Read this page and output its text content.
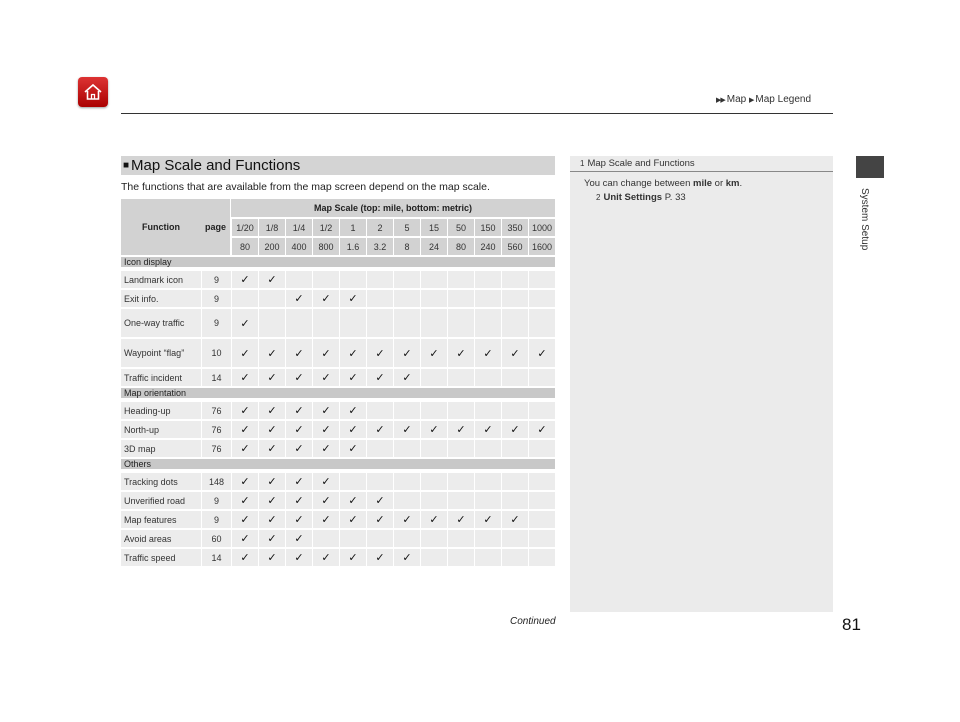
▶▶ Map ▶ Map Legend
System Setup
■ Map Scale and Functions
The functions that are available from the map screen depend on the map scale.
Function	page	Map Scale (top: mile, bottom: metric)											
		1/20	1/8	1/4	1/2	1	2	5	15	50	150	350	1000
		80	200	400	800	1.6	3.2	8	24	80	240	560	1600
Icon display													
Landmark icon	9	✓	✓										
Exit info.	9			✓	✓	✓							
One-way traffic	9	✓											
Waypoint “flag”	10	✓	✓	✓	✓	✓	✓	✓	✓	✓	✓	✓	✓
Traffic incident	14	✓	✓	✓	✓	✓	✓	✓					
Map orientation													
Heading-up	76	✓	✓	✓	✓	✓							
North-up	76	✓	✓	✓	✓	✓	✓	✓	✓	✓	✓	✓	✓
3D map	76	✓	✓	✓	✓	✓							
Others													
Tracking dots	148	✓	✓	✓	✓								
Unverified road	9	✓	✓	✓	✓	✓	✓						
Map features	9	✓	✓	✓	✓	✓	✓	✓	✓	✓	✓	✓	
Avoid areas	60	✓	✓	✓									
Traffic speed	14	✓	✓	✓	✓	✓	✓	✓					
1 Map Scale and Functions
You can change between mile or km.
2 Unit Settings P. 33
Continued	81
